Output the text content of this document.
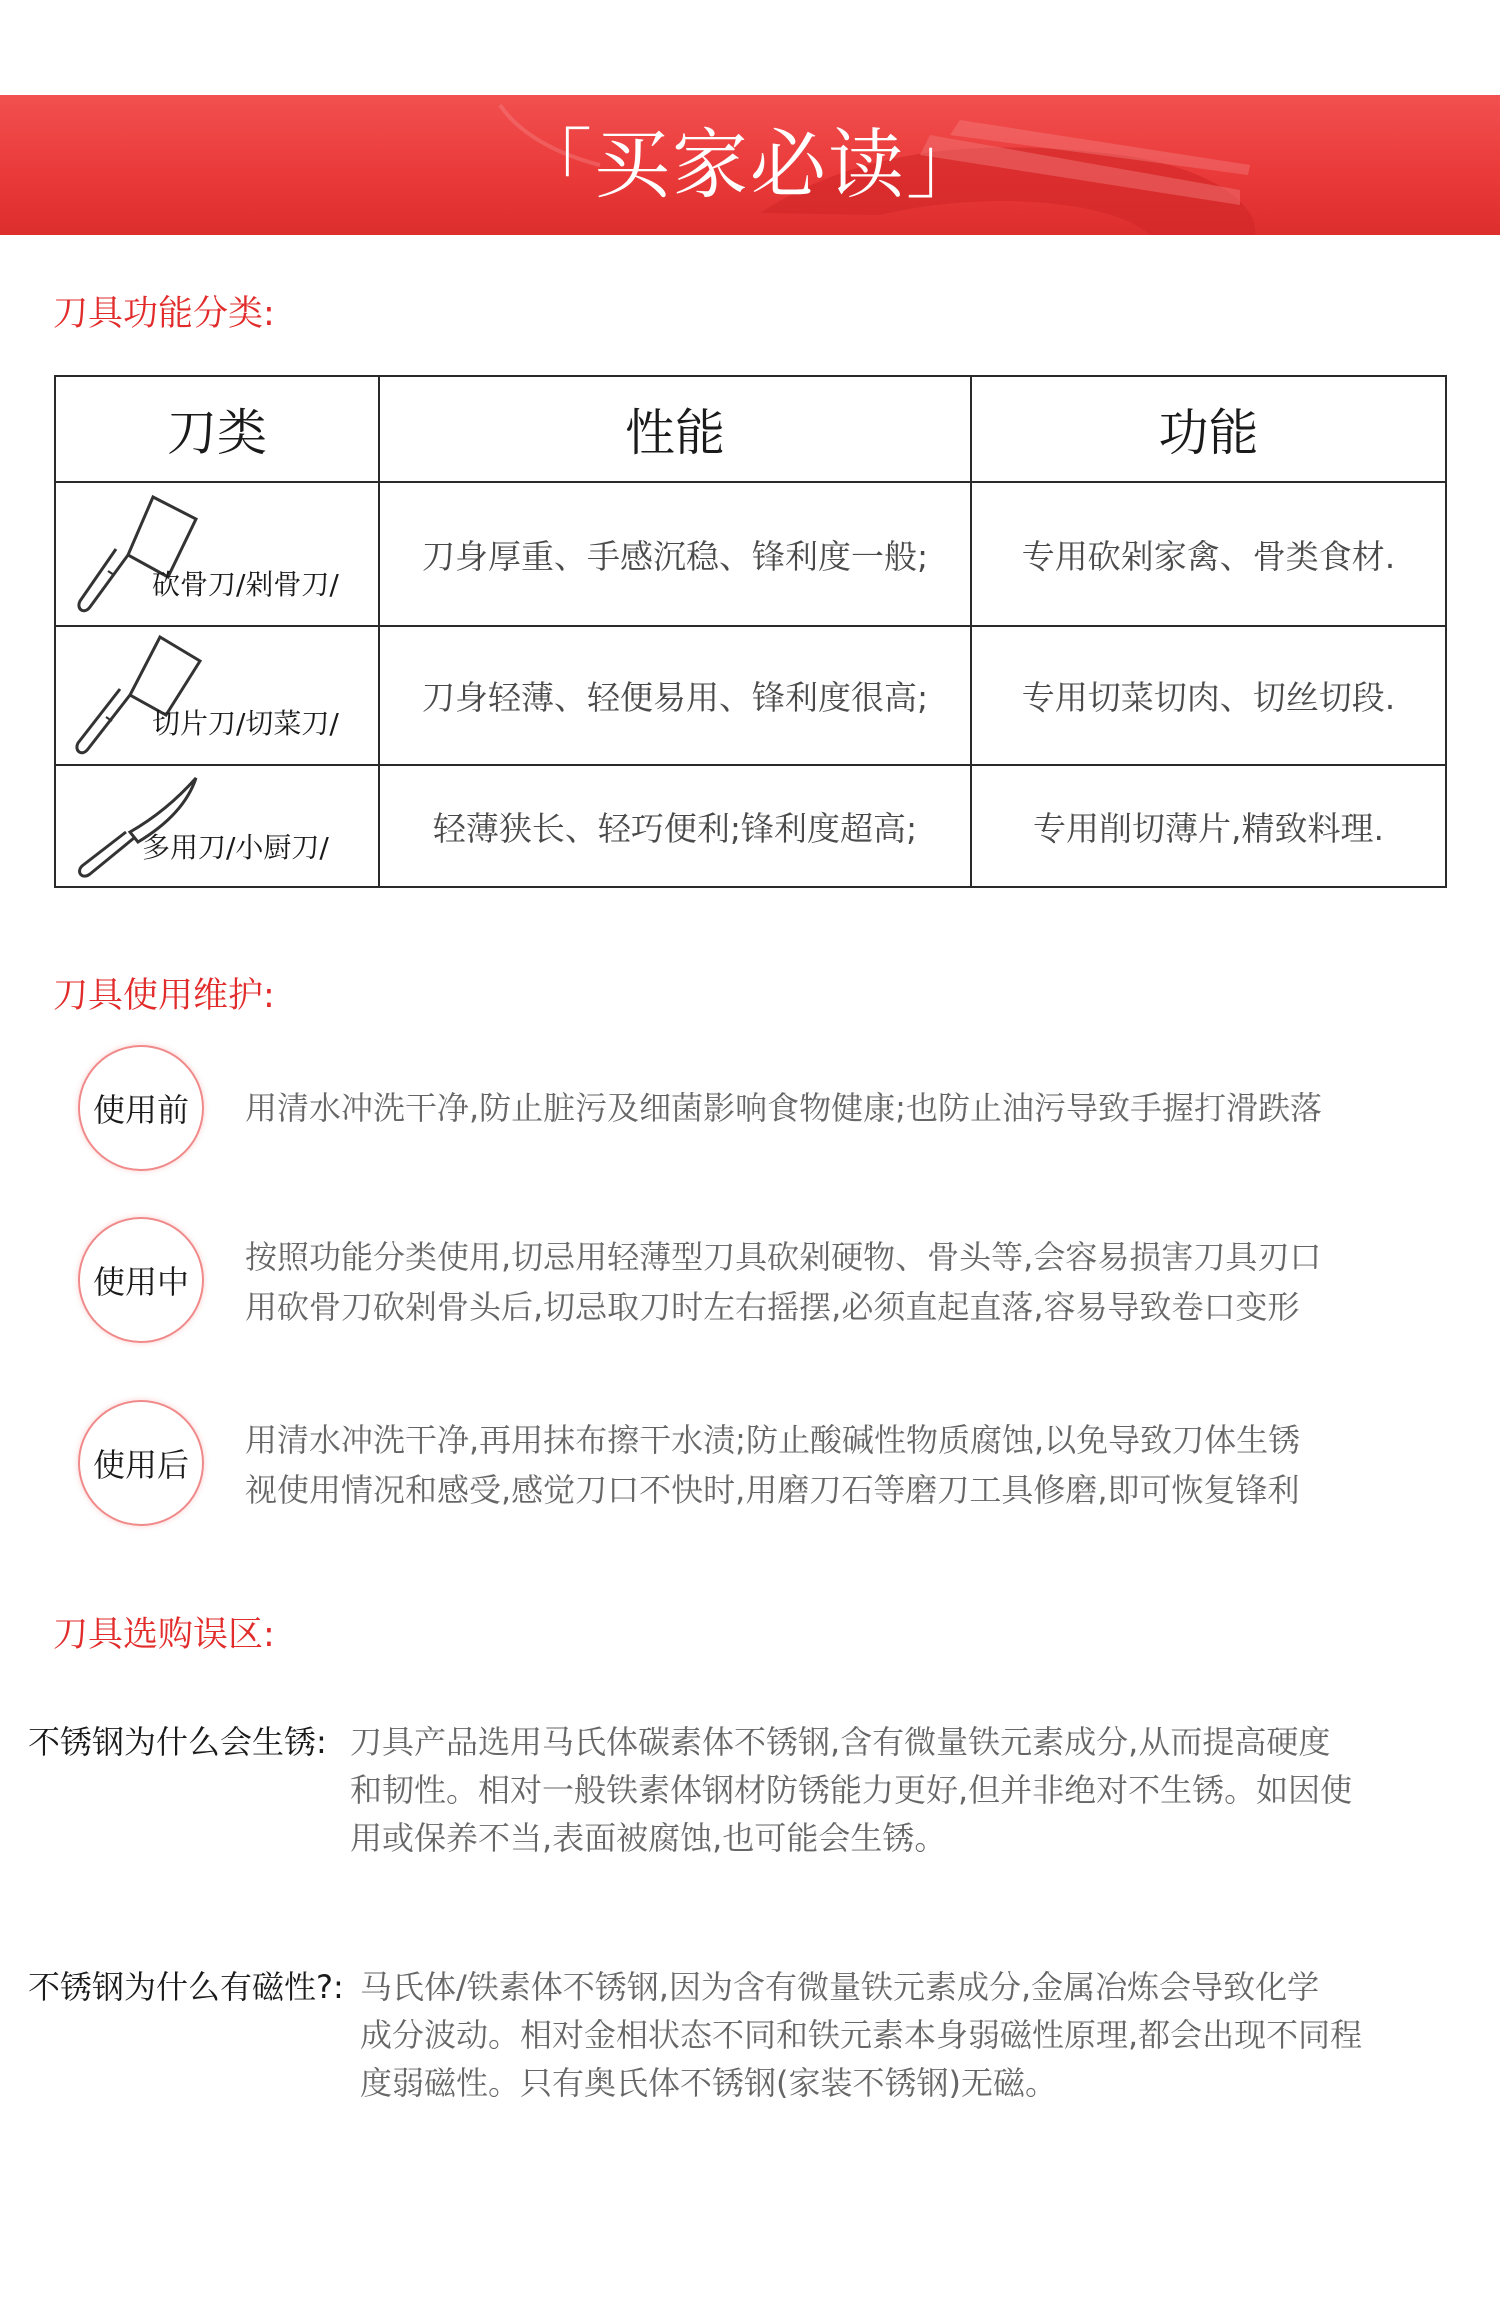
「买家必读」
刀具功能分类:
刀类	性能	功能

砍骨刀/剁骨刀/	刀身厚重、手感沉稳、锋利度一般;	专用砍剁家禽、骨类食材.

切片刀/切菜刀/	刀身轻薄、轻便易用、锋利度很高;	专用切菜切肉、切丝切段.

多用刀/小厨刀/	轻薄狭长、轻巧便利;锋利度超高;	专用削切薄片,精致料理.
刀具使用维护:
使用前	用清水冲洗干净,防止脏污及细菌影响食物健康;也防止油污导致手握打滑跌落
使用中
按照功能分类使用,切忌用轻薄型刀具砍剁硬物、骨头等,会容易损害刀具刃口
用砍骨刀砍剁骨头后,切忌取刀时左右摇摆,必须直起直落,容易导致卷口变形
使用后
用清水冲洗干净,再用抹布擦干水渍;防止酸碱性物质腐蚀,以免导致刀体生锈
视使用情况和感受,感觉刀口不快时,用磨刀石等磨刀工具修磨,即可恢复锋利
刀具选购误区:
不锈钢为什么会生锈: 刀具产品选用马氏体碳素体不锈钢,含有微量铁元素成分,从而提高硬度
和韧性。相对一般铁素体钢材防锈能力更好,但并非绝对不生锈。如因使
用或保养不当,表面被腐蚀,也可能会生锈。
不锈钢为什么有磁性?: 马氏体/铁素体不锈钢,因为含有微量铁元素成分,金属冶炼会导致化学
成分波动。相对金相状态不同和铁元素本身弱磁性原理,都会出现不同程
度弱磁性。只有奥氏体不锈钢(家装不锈钢)无磁。
